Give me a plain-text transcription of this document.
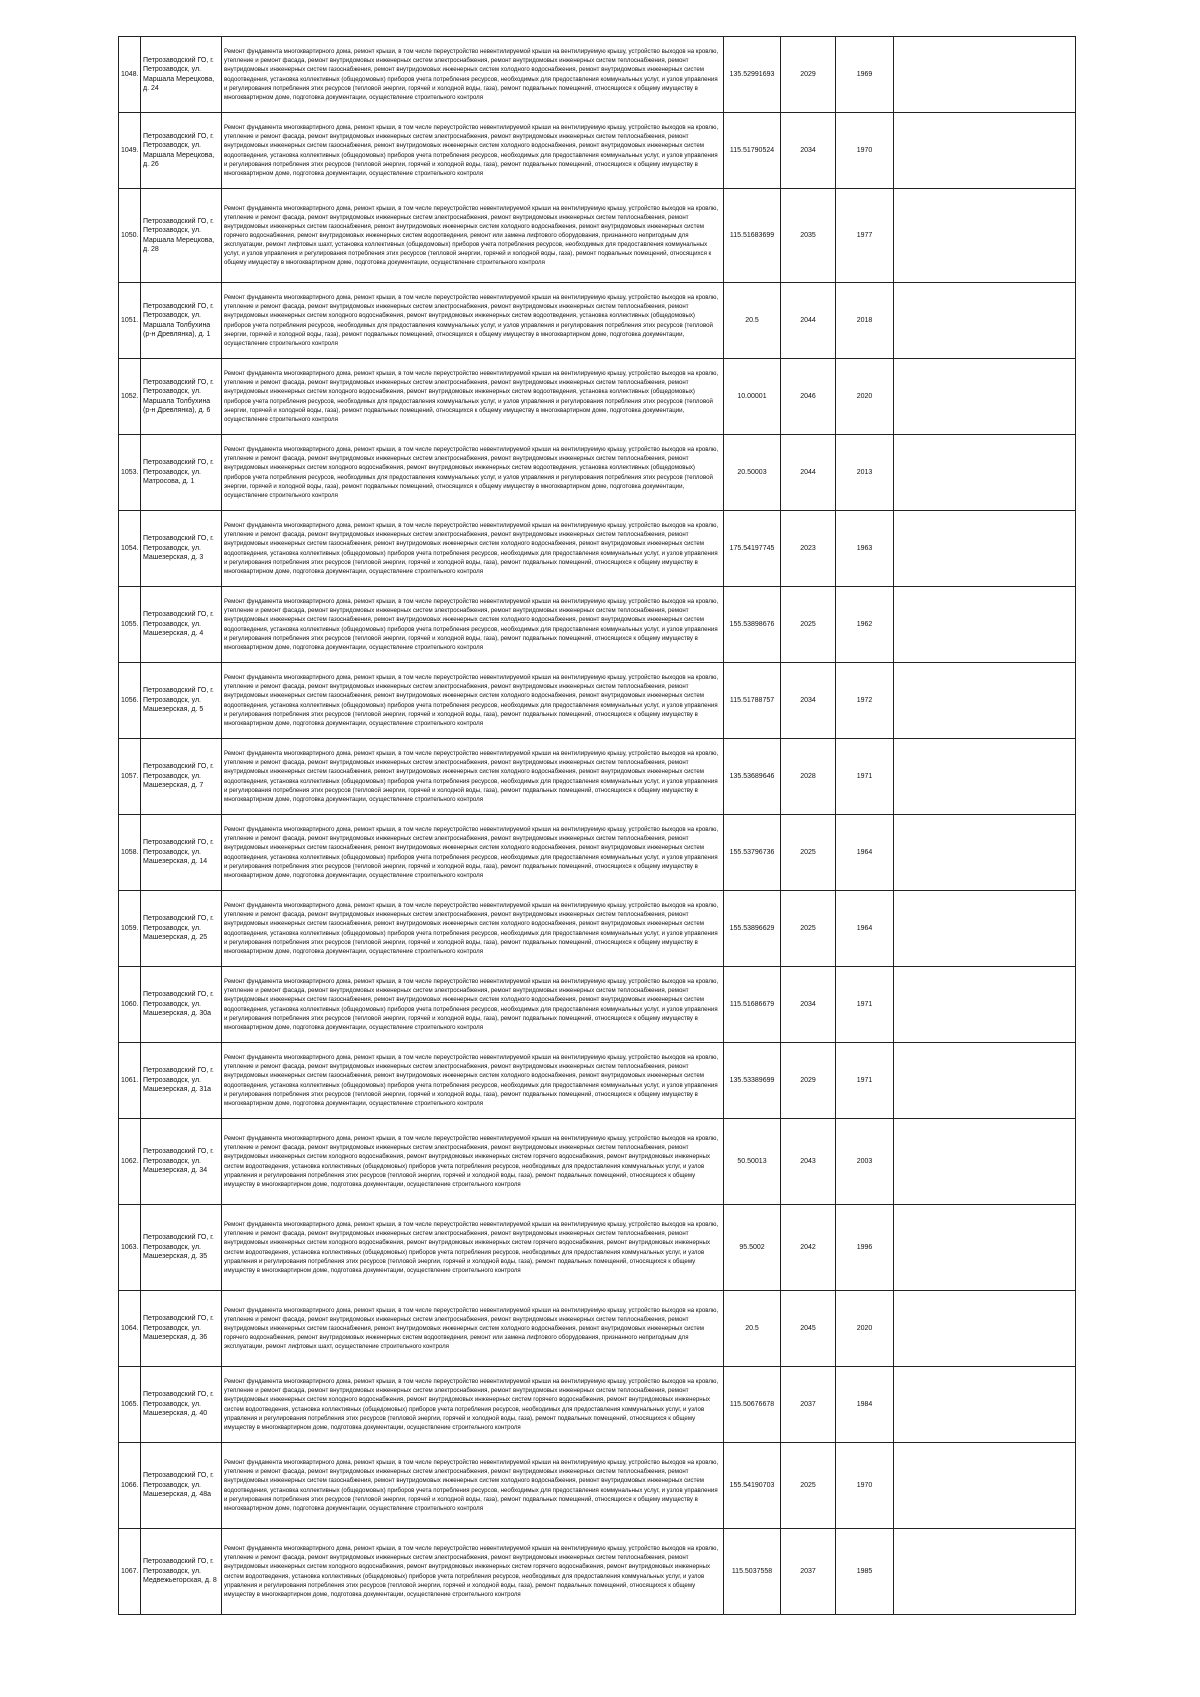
1048.	Петрозаводский ГО, г. Петрозаводск, ул. Маршала Мерецкова, д. 24	Ремонт фундамента многоквартирного дома, ремонт крыши, в том числе переустройство невентилируемой крыши на вентилируемую крышу, устройство выходов на кровлю, утепление и ремонт фасада, ремонт внутридомовых инженерных систем электроснабжения, ремонт внутридомовых инженерных систем теплоснабжения, ремонт внутридомовых инженерных систем газоснабжения, ремонт внутридомовых инженерных систем холодного водоснабжения, ремонт внутридомовых инженерных систем водоотведения, установка коллективных (общедомовых) приборов учета потребления ресурсов, необходимых для предоставления коммунальных услуг, и узлов управления и регулирования потребления этих ресурсов (тепловой энергии, горячей и холодной воды, газа), ремонт подвальных помещений, относящихся к общему имуществу в многоквартирном доме, подготовка документации, осуществление строительного контроля	135.52991693	2029	1969	
1049.	Петрозаводский ГО, г. Петрозаводск, ул. Маршала Мерецкова, д. 26	Ремонт фундамента многоквартирного дома, ремонт крыши, в том числе переустройство невентилируемой крыши на вентилируемую крышу, устройство выходов на кровлю, утепление и ремонт фасада, ремонт внутридомовых инженерных систем электроснабжения, ремонт внутридомовых инженерных систем теплоснабжения, ремонт внутридомовых инженерных систем газоснабжения, ремонт внутридомовых инженерных систем холодного водоснабжения, ремонт внутридомовых инженерных систем водоотведения, установка коллективных (общедомовых) приборов учета потребления ресурсов, необходимых для предоставления коммунальных услуг, и узлов управления и регулирования потребления этих ресурсов (тепловой энергии, горячей и холодной воды, газа), ремонт подвальных помещений, относящихся к общему имуществу в многоквартирном доме, подготовка документации, осуществление строительного контроля	115.51790524	2034	1970	
1050.	Петрозаводский ГО, г. Петрозаводск, ул. Маршала Мерецкова, д. 28	Ремонт фундамента многоквартирного дома, ремонт крыши, в том числе переустройство невентилируемой крыши на вентилируемую крышу, устройство выходов на кровлю, утепление и ремонт фасада, ремонт внутридомовых инженерных систем электроснабжения, ремонт внутридомовых инженерных систем теплоснабжения, ремонт внутридомовых инженерных систем газоснабжения, ремонт внутридомовых инженерных систем холодного водоснабжения, ремонт внутридомовых инженерных систем горячего водоснабжения, ремонт внутридомовых инженерных систем водоотведения, ремонт или замена лифтового оборудования, признанного непригодным для эксплуатации, ремонт лифтовых шахт, установка коллективных (общедомовых) приборов учета потребления ресурсов, необходимых для предоставления коммунальных услуг, и узлов управления и регулирования потребления этих ресурсов (тепловой энергии, горячей и холодной воды, газа), ремонт подвальных помещений, относящихся к общему имуществу в многоквартирном доме, подготовка документации, осуществление строительного контроля	115.51683699	2035	1977	
1051.	Петрозаводский ГО, г. Петрозаводск, ул. Маршала Толбухина (р-н Древлянка), д. 1	Ремонт фундамента многоквартирного дома, ремонт крыши, в том числе переустройство невентилируемой крыши на вентилируемую крышу, устройство выходов на кровлю, утепление и ремонт фасада, ремонт внутридомовых инженерных систем электроснабжения, ремонт внутридомовых инженерных систем теплоснабжения, ремонт внутридомовых инженерных систем холодного водоснабжения, ремонт внутридомовых инженерных систем водоотведения, установка коллективных (общедомовых) приборов учета потребления ресурсов, необходимых для предоставления коммунальных услуг, и узлов управления и регулирования потребления этих ресурсов (тепловой энергии, горячей и холодной воды, газа), ремонт подвальных помещений, относящихся к общему имуществу в многоквартирном доме, подготовка документации, осуществление строительного контроля	20.5	2044	2018	
1052.	Петрозаводский ГО, г. Петрозаводск, ул. Маршала Толбухина (р-н Древлянка), д. 6	Ремонт фундамента многоквартирного дома, ремонт крыши, в том числе переустройство невентилируемой крыши на вентилируемую крышу, устройство выходов на кровлю, утепление и ремонт фасада, ремонт внутридомовых инженерных систем электроснабжения, ремонт внутридомовых инженерных систем теплоснабжения, ремонт внутридомовых инженерных систем холодного водоснабжения, ремонт внутридомовых инженерных систем водоотведения, установка коллективных (общедомовых) приборов учета потребления ресурсов, необходимых для предоставления коммунальных услуг, и узлов управления и регулирования потребления этих ресурсов (тепловой энергии, горячей и холодной воды, газа), ремонт подвальных помещений, относящихся к общему имуществу в многоквартирном доме, подготовка документации, осуществление строительного контроля	10.00001	2046	2020	
1053.	Петрозаводский ГО, г. Петрозаводск, ул. Матросова, д. 1	Ремонт фундамента многоквартирного дома, ремонт крыши, в том числе переустройство невентилируемой крыши на вентилируемую крышу, устройство выходов на кровлю, утепление и ремонт фасада, ремонт внутридомовых инженерных систем электроснабжения, ремонт внутридомовых инженерных систем теплоснабжения, ремонт внутридомовых инженерных систем холодного водоснабжения, ремонт внутридомовых инженерных систем водоотведения, установка коллективных (общедомовых) приборов учета потребления ресурсов, необходимых для предоставления коммунальных услуг, и узлов управления и регулирования потребления этих ресурсов (тепловой энергии, горячей и холодной воды, газа), ремонт подвальных помещений, относящихся к общему имуществу в многоквартирном доме, подготовка документации, осуществление строительного контроля	20.50003	2044	2013	
1054.	Петрозаводский ГО, г. Петрозаводск, ул. Машезерская, д. 3	Ремонт фундамента многоквартирного дома, ремонт крыши, в том числе переустройство невентилируемой крыши на вентилируемую крышу, устройство выходов на кровлю, утепление и ремонт фасада, ремонт внутридомовых инженерных систем электроснабжения, ремонт внутридомовых инженерных систем теплоснабжения, ремонт внутридомовых инженерных систем газоснабжения, ремонт внутридомовых инженерных систем холодного водоснабжения, ремонт внутридомовых инженерных систем водоотведения, установка коллективных (общедомовых) приборов учета потребления ресурсов, необходимых для предоставления коммунальных услуг, и узлов управления и регулирования потребления этих ресурсов (тепловой энергии, горячей и холодной воды, газа), ремонт подвальных помещений, относящихся к общему имуществу в многоквартирном доме, подготовка документации, осуществление строительного контроля	175.54197745	2023	1963	
1055.	Петрозаводский ГО, г. Петрозаводск, ул. Машезерская, д. 4	Ремонт фундамента многоквартирного дома, ремонт крыши, в том числе переустройство невентилируемой крыши на вентилируемую крышу, устройство выходов на кровлю, утепление и ремонт фасада, ремонт внутридомовых инженерных систем электроснабжения, ремонт внутридомовых инженерных систем теплоснабжения, ремонт внутридомовых инженерных систем газоснабжения, ремонт внутридомовых инженерных систем холодного водоснабжения, ремонт внутридомовых инженерных систем водоотведения, установка коллективных (общедомовых) приборов учета потребления ресурсов, необходимых для предоставления коммунальных услуг, и узлов управления и регулирования потребления этих ресурсов (тепловой энергии, горячей и холодной воды, газа), ремонт подвальных помещений, относящихся к общему имуществу в многоквартирном доме, подготовка документации, осуществление строительного контроля	155.53898676	2025	1962	
1056.	Петрозаводский ГО, г. Петрозаводск, ул. Машезерская, д. 5	Ремонт фундамента многоквартирного дома, ремонт крыши, в том числе переустройство невентилируемой крыши на вентилируемую крышу, устройство выходов на кровлю, утепление и ремонт фасада, ремонт внутридомовых инженерных систем электроснабжения, ремонт внутридомовых инженерных систем теплоснабжения, ремонт внутридомовых инженерных систем газоснабжения, ремонт внутридомовых инженерных систем холодного водоснабжения, ремонт внутридомовых инженерных систем водоотведения, установка коллективных (общедомовых) приборов учета потребления ресурсов, необходимых для предоставления коммунальных услуг, и узлов управления и регулирования потребления этих ресурсов (тепловой энергии, горячей и холодной воды, газа), ремонт подвальных помещений, относящихся к общему имуществу в многоквартирном доме, подготовка документации, осуществление строительного контроля	115.51788757	2034	1972	
1057.	Петрозаводский ГО, г. Петрозаводск, ул. Машезерская, д. 7	Ремонт фундамента многоквартирного дома, ремонт крыши, в том числе переустройство невентилируемой крыши на вентилируемую крышу, устройство выходов на кровлю, утепление и ремонт фасада, ремонт внутридомовых инженерных систем электроснабжения, ремонт внутридомовых инженерных систем теплоснабжения, ремонт внутридомовых инженерных систем газоснабжения, ремонт внутридомовых инженерных систем холодного водоснабжения, ремонт внутридомовых инженерных систем водоотведения, установка коллективных (общедомовых) приборов учета потребления ресурсов, необходимых для предоставления коммунальных услуг, и узлов управления и регулирования потребления этих ресурсов (тепловой энергии, горячей и холодной воды, газа), ремонт подвальных помещений, относящихся к общему имуществу в многоквартирном доме, подготовка документации, осуществление строительного контроля	135.53689646	2028	1971	
1058.	Петрозаводский ГО, г. Петрозаводск, ул. Машезерская, д. 14	Ремонт фундамента многоквартирного дома, ремонт крыши, в том числе переустройство невентилируемой крыши на вентилируемую крышу, устройство выходов на кровлю, утепление и ремонт фасада, ремонт внутридомовых инженерных систем электроснабжения, ремонт внутридомовых инженерных систем теплоснабжения, ремонт внутридомовых инженерных систем газоснабжения, ремонт внутридомовых инженерных систем холодного водоснабжения, ремонт внутридомовых инженерных систем водоотведения, установка коллективных (общедомовых) приборов учета потребления ресурсов, необходимых для предоставления коммунальных услуг, и узлов управления и регулирования потребления этих ресурсов (тепловой энергии, горячей и холодной воды, газа), ремонт подвальных помещений, относящихся к общему имуществу в многоквартирном доме, подготовка документации, осуществление строительного контроля	155.53796736	2025	1964	
1059.	Петрозаводский ГО, г. Петрозаводск, ул. Машезерская, д. 25	Ремонт фундамента многоквартирного дома, ремонт крыши, в том числе переустройство невентилируемой крыши на вентилируемую крышу, устройство выходов на кровлю, утепление и ремонт фасада, ремонт внутридомовых инженерных систем электроснабжения, ремонт внутридомовых инженерных систем теплоснабжения, ремонт внутридомовых инженерных систем газоснабжения, ремонт внутридомовых инженерных систем холодного водоснабжения, ремонт внутридомовых инженерных систем водоотведения, установка коллективных (общедомовых) приборов учета потребления ресурсов, необходимых для предоставления коммунальных услуг, и узлов управления и регулирования потребления этих ресурсов (тепловой энергии, горячей и холодной воды, газа), ремонт подвальных помещений, относящихся к общему имуществу в многоквартирном доме, подготовка документации, осуществление строительного контроля	155.53896629	2025	1964	
1060.	Петрозаводский ГО, г. Петрозаводск, ул. Машезерская, д. 30а	Ремонт фундамента многоквартирного дома, ремонт крыши, в том числе переустройство невентилируемой крыши на вентилируемую крышу, устройство выходов на кровлю, утепление и ремонт фасада, ремонт внутридомовых инженерных систем электроснабжения, ремонт внутридомовых инженерных систем теплоснабжения, ремонт внутридомовых инженерных систем газоснабжения, ремонт внутридомовых инженерных систем холодного водоснабжения, ремонт внутридомовых инженерных систем водоотведения, установка коллективных (общедомовых) приборов учета потребления ресурсов, необходимых для предоставления коммунальных услуг, и узлов управления и регулирования потребления этих ресурсов (тепловой энергии, горячей и холодной воды, газа), ремонт подвальных помещений, относящихся к общему имуществу в многоквартирном доме, подготовка документации, осуществление строительного контроля	115.51686679	2034	1971	
1061.	Петрозаводский ГО, г. Петрозаводск, ул. Машезерская, д. 31а	Ремонт фундамента многоквартирного дома, ремонт крыши, в том числе переустройство невентилируемой крыши на вентилируемую крышу, устройство выходов на кровлю, утепление и ремонт фасада, ремонт внутридомовых инженерных систем электроснабжения, ремонт внутридомовых инженерных систем теплоснабжения, ремонт внутридомовых инженерных систем газоснабжения, ремонт внутридомовых инженерных систем холодного водоснабжения, ремонт внутридомовых инженерных систем водоотведения, установка коллективных (общедомовых) приборов учета потребления ресурсов, необходимых для предоставления коммунальных услуг, и узлов управления и регулирования потребления этих ресурсов (тепловой энергии, горячей и холодной воды, газа), ремонт подвальных помещений, относящихся к общему имуществу в многоквартирном доме, подготовка документации, осуществление строительного контроля	135.53389699	2029	1971	
1062.	Петрозаводский ГО, г. Петрозаводск, ул. Машезерская, д. 34	Ремонт фундамента многоквартирного дома, ремонт крыши, в том числе переустройство невентилируемой крыши на вентилируемую крышу, устройство выходов на кровлю, утепление и ремонт фасада, ремонт внутридомовых инженерных систем электроснабжения, ремонт внутридомовых инженерных систем теплоснабжения, ремонт внутридомовых инженерных систем холодного водоснабжения, ремонт внутридомовых инженерных систем горячего водоснабжения, ремонт внутридомовых инженерных систем водоотведения, установка коллективных (общедомовых) приборов учета потребления ресурсов, необходимых для предоставления коммунальных услуг, и узлов управления и регулирования потребления этих ресурсов (тепловой энергии, горячей и холодной воды, газа), ремонт подвальных помещений, относящихся к общему имуществу в многоквартирном доме, подготовка документации, осуществление строительного контроля	50.50013	2043	2003	
1063.	Петрозаводский ГО, г. Петрозаводск, ул. Машезерская, д. 35	Ремонт фундамента многоквартирного дома, ремонт крыши, в том числе переустройство невентилируемой крыши на вентилируемую крышу, устройство выходов на кровлю, утепление и ремонт фасада, ремонт внутридомовых инженерных систем электроснабжения, ремонт внутридомовых инженерных систем теплоснабжения, ремонт внутридомовых инженерных систем холодного водоснабжения, ремонт внутридомовых инженерных систем горячего водоснабжения, ремонт внутридомовых инженерных систем водоотведения, установка коллективных (общедомовых) приборов учета потребления ресурсов, необходимых для предоставления коммунальных услуг, и узлов управления и регулирования потребления этих ресурсов (тепловой энергии, горячей и холодной воды, газа), ремонт подвальных помещений, относящихся к общему имуществу в многоквартирном доме, подготовка документации, осуществление строительного контроля	95.5002	2042	1996	
1064.	Петрозаводский ГО, г. Петрозаводск, ул. Машезерская, д. 36	Ремонт фундамента многоквартирного дома, ремонт крыши, в том числе переустройство невентилируемой крыши на вентилируемую крышу, устройство выходов на кровлю, утепление и ремонт фасада, ремонт внутридомовых инженерных систем электроснабжения, ремонт внутридомовых инженерных систем теплоснабжения, ремонт внутридомовых инженерных систем газоснабжения, ремонт внутридомовых инженерных систем холодного водоснабжения, ремонт внутридомовых инженерных систем горячего водоснабжения, ремонт внутридомовых инженерных систем водоотведения, ремонт или замена лифтового оборудования, признанного непригодным для эксплуатации, ремонт лифтовых шахт, осуществление строительного контроля	20.5	2045	2020	
1065.	Петрозаводский ГО, г. Петрозаводск, ул. Машезерская, д. 40	Ремонт фундамента многоквартирного дома, ремонт крыши, в том числе переустройство невентилируемой крыши на вентилируемую крышу, устройство выходов на кровлю, утепление и ремонт фасада, ремонт внутридомовых инженерных систем электроснабжения, ремонт внутридомовых инженерных систем теплоснабжения, ремонт внутридомовых инженерных систем холодного водоснабжения, ремонт внутридомовых инженерных систем горячего водоснабжения, ремонт внутридомовых инженерных систем водоотведения, установка коллективных (общедомовых) приборов учета потребления ресурсов, необходимых для предоставления коммунальных услуг, и узлов управления и регулирования потребления этих ресурсов (тепловой энергии, горячей и холодной воды, газа), ремонт подвальных помещений, относящихся к общему имуществу в многоквартирном доме, подготовка документации, осуществление строительного контроля	115.50676678	2037	1984	
1066.	Петрозаводский ГО, г. Петрозаводск, ул. Машезерская, д. 48а	Ремонт фундамента многоквартирного дома, ремонт крыши, в том числе переустройство невентилируемой крыши на вентилируемую крышу, устройство выходов на кровлю, утепление и ремонт фасада, ремонт внутридомовых инженерных систем электроснабжения, ремонт внутридомовых инженерных систем теплоснабжения, ремонт внутридомовых инженерных систем газоснабжения, ремонт внутридомовых инженерных систем холодного водоснабжения, ремонт внутридомовых инженерных систем водоотведения, установка коллективных (общедомовых) приборов учета потребления ресурсов, необходимых для предоставления коммунальных услуг, и узлов управления и регулирования потребления этих ресурсов (тепловой энергии, горячей и холодной воды, газа), ремонт подвальных помещений, относящихся к общему имуществу в многоквартирном доме, подготовка документации, осуществление строительного контроля	155.54190703	2025	1970	
1067.	Петрозаводский ГО, г. Петрозаводск, ул. Медвежьегорская, д. 8	Ремонт фундамента многоквартирного дома, ремонт крыши, в том числе переустройство невентилируемой крыши на вентилируемую крышу, устройство выходов на кровлю, утепление и ремонт фасада, ремонт внутридомовых инженерных систем электроснабжения, ремонт внутридомовых инженерных систем теплоснабжения, ремонт внутридомовых инженерных систем холодного водоснабжения, ремонт внутридомовых инженерных систем горячего водоснабжения, ремонт внутридомовых инженерных систем водоотведения, установка коллективных (общедомовых) приборов учета потребления ресурсов, необходимых для предоставления коммунальных услуг, и узлов управления и регулирования потребления этих ресурсов (тепловой энергии, горячей и холодной воды, газа), ремонт подвальных помещений, относящихся к общему имуществу в многоквартирном доме, подготовка документации, осуществление строительного контроля	115.5037558	2037	1985	
